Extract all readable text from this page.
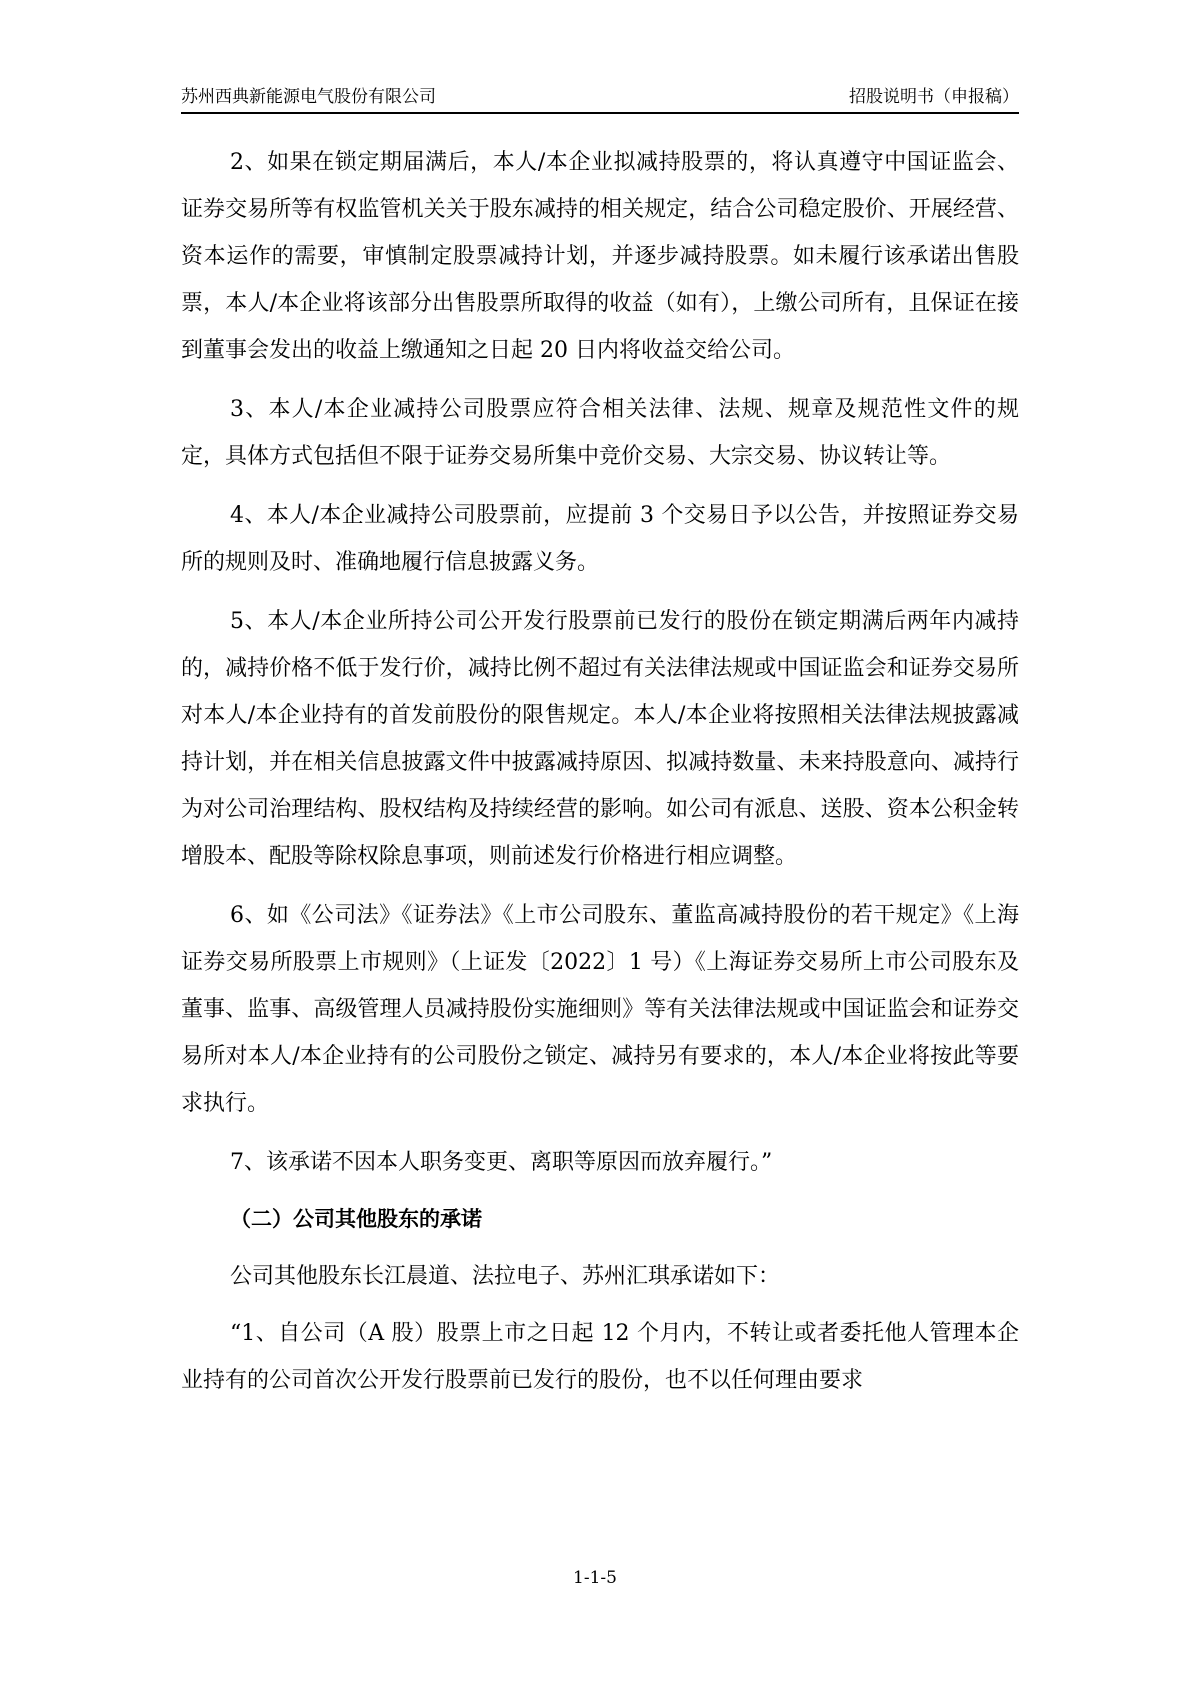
苏州西典新能源电气股份有限公司	招股说明书（申报稿）

2、如果在锁定期届满后，本人/本企业拟减持股票的，将认真遵守中国证监会、证券交易所等有权监管机关关于股东减持的相关规定，结合公司稳定股价、开展经营、资本运作的需要，审慎制定股票减持计划，并逐步减持股票。如未履行该承诺出售股票，本人/本企业将该部分出售股票所取得的收益（如有），上缴公司所有，且保证在接到董事会发出的收益上缴通知之日起 20 日内将收益交给公司。

3、本人/本企业减持公司股票应符合相关法律、法规、规章及规范性文件的规定，具体方式包括但不限于证券交易所集中竞价交易、大宗交易、协议转让等。

4、本人/本企业减持公司股票前，应提前 3 个交易日予以公告，并按照证券交易所的规则及时、准确地履行信息披露义务。

5、本人/本企业所持公司公开发行股票前已发行的股份在锁定期满后两年内减持的，减持价格不低于发行价，减持比例不超过有关法律法规或中国证监会和证券交易所对本人/本企业持有的首发前股份的限售规定。本人/本企业将按照相关法律法规披露减持计划，并在相关信息披露文件中披露减持原因、拟减持数量、未来持股意向、减持行为对公司治理结构、股权结构及持续经营的影响。如公司有派息、送股、资本公积金转增股本、配股等除权除息事项，则前述发行价格进行相应调整。

6、如《公司法》《证券法》《上市公司股东、董监高减持股份的若干规定》《上海证券交易所股票上市规则》（上证发〔2022〕1 号）《上海证券交易所上市公司股东及董事、监事、高级管理人员减持股份实施细则》等有关法律法规或中国证监会和证券交易所对本人/本企业持有的公司股份之锁定、减持另有要求的，本人/本企业将按此等要求执行。

7、该承诺不因本人职务变更、离职等原因而放弃履行。”

（二）公司其他股东的承诺

公司其他股东长江晨道、法拉电子、苏州汇琪承诺如下：

“1、自公司（A 股）股票上市之日起 12 个月内，不转让或者委托他人管理本企业持有的公司首次公开发行股票前已发行的股份，也不以任何理由要求

1-1-5
